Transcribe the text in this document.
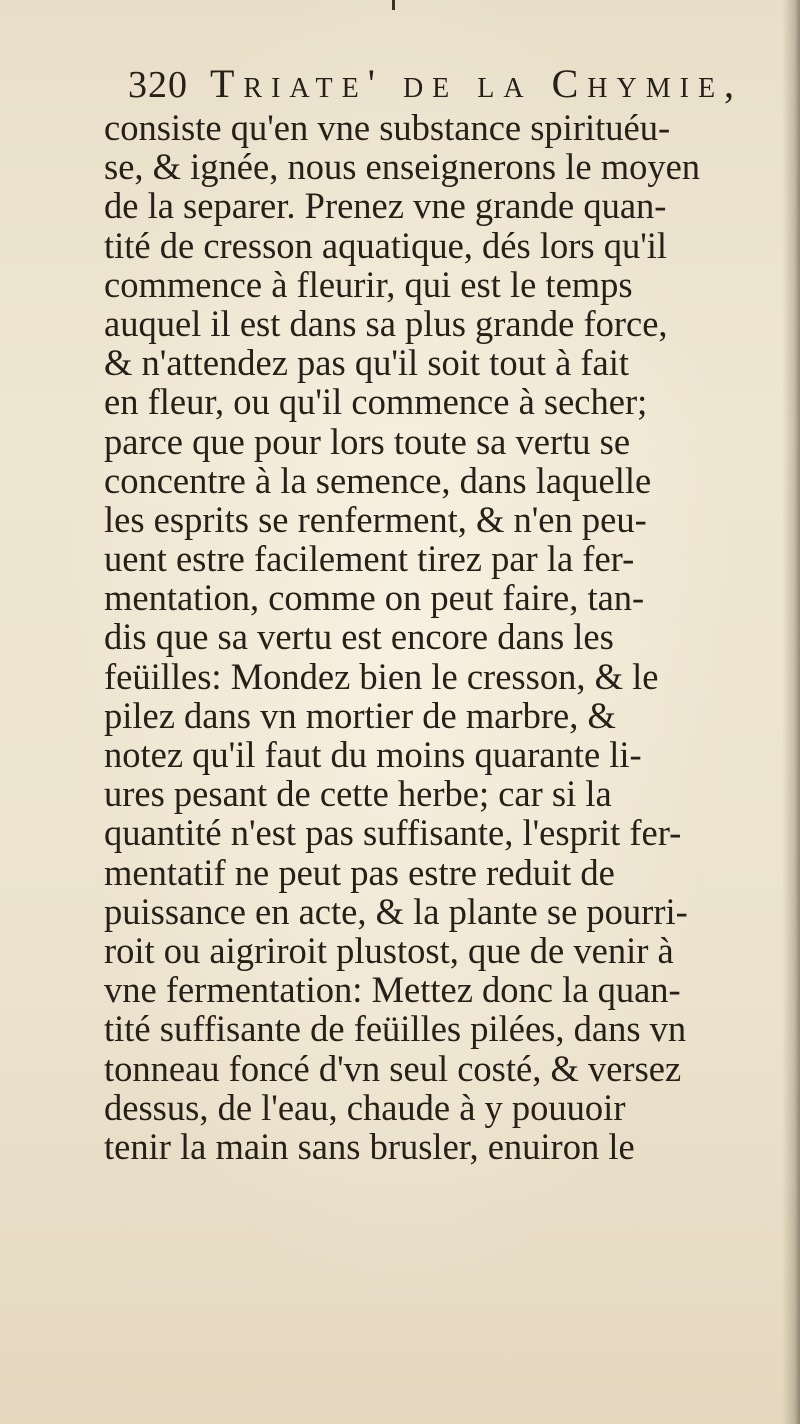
320 Triate' de la Chymie,
consiste qu'en vne substance spirituéu-
se, & ignée, nous enseignerons le moyen
de la separer. Prenez vne grande quan-
tité de cresson aquatique, dés lors qu'il
commence à fleurir, qui est le temps
auquel il est dans sa plus grande force,
& n'attendez pas qu'il soit tout à fait
en fleur, ou qu'il commence à secher;
parce que pour lors toute sa vertu se
concentre à la semence, dans laquelle
les esprits se renferment, & n'en peu-
uent estre facilement tirez par la fer-
mentation, comme on peut faire, tan-
dis que sa vertu est encore dans les
feüilles: Mondez bien le cresson, & le
pilez dans vn mortier de marbre, &
notez qu'il faut du moins quarante li-
ures pesant de cette herbe; car si la
quantité n'est pas suffisante, l'esprit fer-
mentatif ne peut pas estre reduit de
puissance en acte, & la plante se pourri-
roit ou aigriroit plustost, que de venir à
vne fermentation: Mettez donc la quan-
tité suffisante de feüilles pilées, dans vn
tonneau foncé d'vn seul costé, & versez
dessus, de l'eau, chaude à y pouuoir
tenir la main sans brusler, enuiron le
